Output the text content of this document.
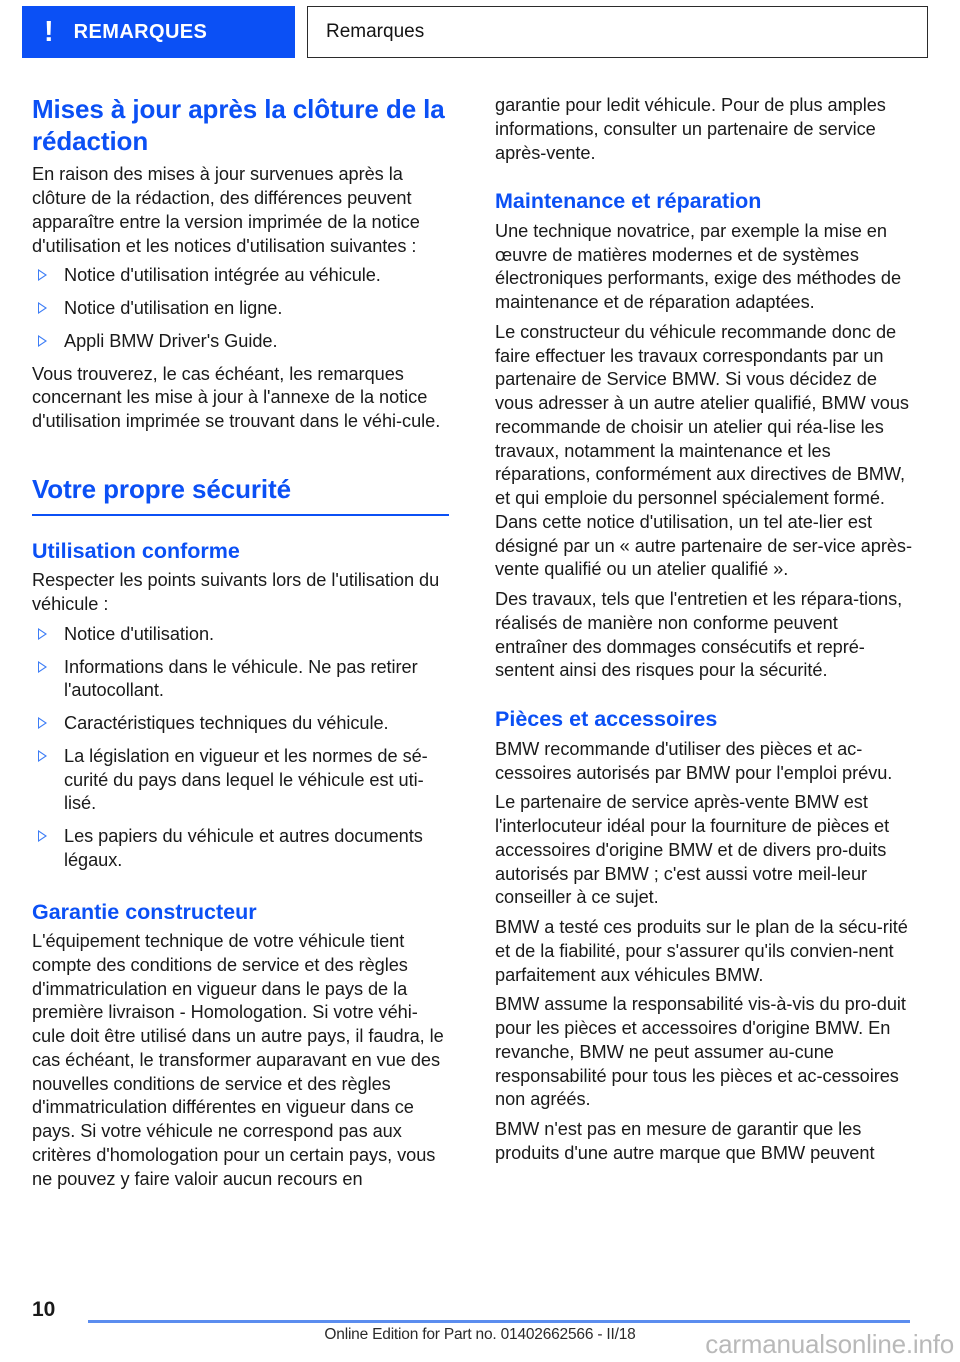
! REMARQUES	Remarques
Mises à jour après la clôture de la rédaction

En raison des mises à jour survenues après la clôture de la rédaction, des différences peuvent apparaître entre la version imprimée de la notice d'utilisation et les notices d'utilisation suivantes :

Notice d'utilisation intégrée au véhicule.
Notice d'utilisation en ligne.
Appli BMW Driver's Guide.

Vous trouverez, le cas échéant, les remarques concernant les mise à jour à l'annexe de la notice d'utilisation imprimée se trouvant dans le véhi-cule.

Votre propre sécurité
Utilisation conforme

Respecter les points suivants lors de l'utilisation du véhicule :

Notice d'utilisation.
Informations dans le véhicule. Ne pas retirer l'autocollant.
Caractéristiques techniques du véhicule.
La législation en vigueur et les normes de sé-curité du pays dans lequel le véhicule est uti-lisé.
Les papiers du véhicule et autres documents légaux.
Garantie constructeur

L'équipement technique de votre véhicule tient compte des conditions de service et des règles d'immatriculation en vigueur dans le pays de la première livraison - Homologation. Si votre véhi-cule doit être utilisé dans un autre pays, il faudra, le cas échéant, le transformer auparavant en vue des nouvelles conditions de service et des règles d'immatriculation différentes en vigueur dans ce pays. Si votre véhicule ne correspond pas aux critères d'homologation pour un certain pays, vous ne pouvez y faire valoir aucun recours en

garantie pour ledit véhicule. Pour de plus amples informations, consulter un partenaire de service après-vente.

Maintenance et réparation

Une technique novatrice, par exemple la mise en œuvre de matières modernes et de systèmes électroniques performants, exige des méthodes de maintenance et de réparation adaptées.

Le constructeur du véhicule recommande donc de faire effectuer les travaux correspondants par un partenaire de Service BMW. Si vous décidez de vous adresser à un autre atelier qualifié, BMW vous recommande de choisir un atelier qui réa-lise les travaux, notamment la maintenance et les réparations, conformément aux directives de BMW, et qui emploie du personnel spécialement formé. Dans cette notice d'utilisation, un tel ate-lier est désigné par un « autre partenaire de ser-vice après-vente qualifié ou un atelier qualifié ».

Des travaux, tels que l'entretien et les répara-tions, réalisés de manière non conforme peuvent entraîner des dommages consécutifs et repré-sentent ainsi des risques pour la sécurité.

Pièces et accessoires

BMW recommande d'utiliser des pièces et ac-cessoires autorisés par BMW pour l'emploi prévu.

Le partenaire de service après-vente BMW est l'interlocuteur idéal pour la fourniture de pièces et accessoires d'origine BMW et de divers pro-duits autorisés par BMW ; c'est aussi votre meil-leur conseiller à ce sujet.

BMW a testé ces produits sur le plan de la sécu-rité et de la fiabilité, pour s'assurer qu'ils convien-nent parfaitement aux véhicules BMW.

BMW assume la responsabilité vis-à-vis du pro-duit pour les pièces et accessoires d'origine BMW. En revanche, BMW ne peut assumer au-cune responsabilité pour tous les pièces et ac-cessoires non agréés.

BMW n'est pas en mesure de garantir que les produits d'une autre marque que BMW peuvent

10
Online Edition for Part no. 01402662566 - II/18	carmanualsonline.info
